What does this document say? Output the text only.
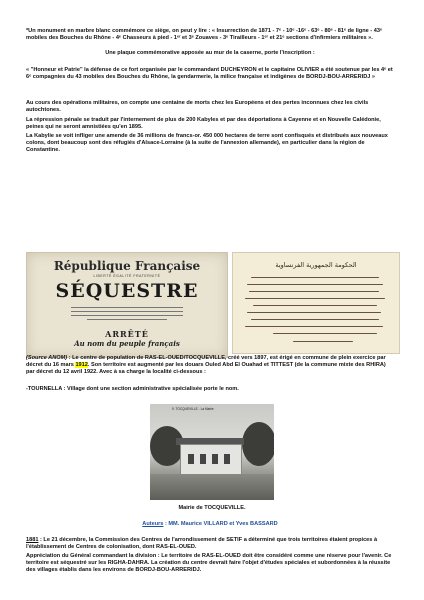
*Un monument en marbre blanc commémore ce siège, on peut y lire : « Insurrection de 1871 - 7ᵉ - 10ᵉ -16ᵉ - 63ᵉ - 80ᵉ - 81ᵉ de ligne - 43ᵉ mobiles des Bouches du Rhône - 4ᵉ Chasseurs à pied - 1ᵉʳ et 3ᵉ Zouaves - 3ᵉ Tirailleurs - 1ᵉʳ et 21ᵉ sections d'infirmiers militaires ».

Une plaque commémorative apposée au mur de la caserne, porte l'inscription :

« "Honneur et Patrie" la défense de ce fort organisée par le commandant DUCHEYRON et le capitaine OLIVIER a été soutenue par les 4ᵉ et 6ᵉ compagnies du 43 mobiles des Bouches du Rhône, la gendarmerie, la milice française et indigènes de BORDJ-BOU-ARRERIDJ »

Au cours des opérations militaires, on compte une centaine de morts chez les Européens et des pertes inconnues chez les civils autochtones.

La répression pénale se traduit par l'internement de plus de 200 Kabyles et par des déportations à Cayenne et en Nouvelle Calédonie, peines qui ne seront amnistiées qu'en 1895.

La Kabylie se voit infliger une amende de 36 millions de francs-or. 450 000 hectares de terre sont confisqués et distribués aux nouveaux colons, dont beaucoup sont des réfugiés d'Alsace-Lorraine (à la suite de l'annexion allemande), en particulier dans la région de Constantine.

République Française
LIBERTÉ ÉGALITÉ FRATERNITÉ
SÉQUESTRE
ARRÊTÉ
Au nom du peuple français
الحكومة الجمهورية الفرنساوية

(Source ANOM) : Le centre de population de RAS-EL-OUED/TOCQUEVILLE, créé vers 1897, est érigé en commune de plein exercice par décret du 16 mars 1912. Son territoire est augmenté par les douars Ouled Abd El Ouahad et TITTEST (de la commune mixte des RHIRA) par décret du 12 avril 1922. Avec à sa charge la localité ci-dessous :

-TOURNELLA : Village dont une section administrative spécialisée porte le nom.

9. TOCQUEVILLE - La Mairie

Mairie de TOCQUEVILLE.

Auteurs : MM. Maurice VILLARD et Yves BASSARD

1881 : Le 21 décembre, la Commission des Centres de l'arrondissement de SETIF a déterminé que trois territoires étaient propices à l'établissement de Centres de colonisation, dont RAS-EL-OUED.

Appréciation du Général commandant la division : Le territoire de RAS-EL-OUED doit être considéré comme une réserve pour l'avenir. Ce territoire est séquestré sur les RIGHA-DAHRA. La création du centre devrait faire l'objet d'études spéciales et subordonnées à la réussite des villages établis dans les environs de BORDJ-BOU-ARRERIDJ.
